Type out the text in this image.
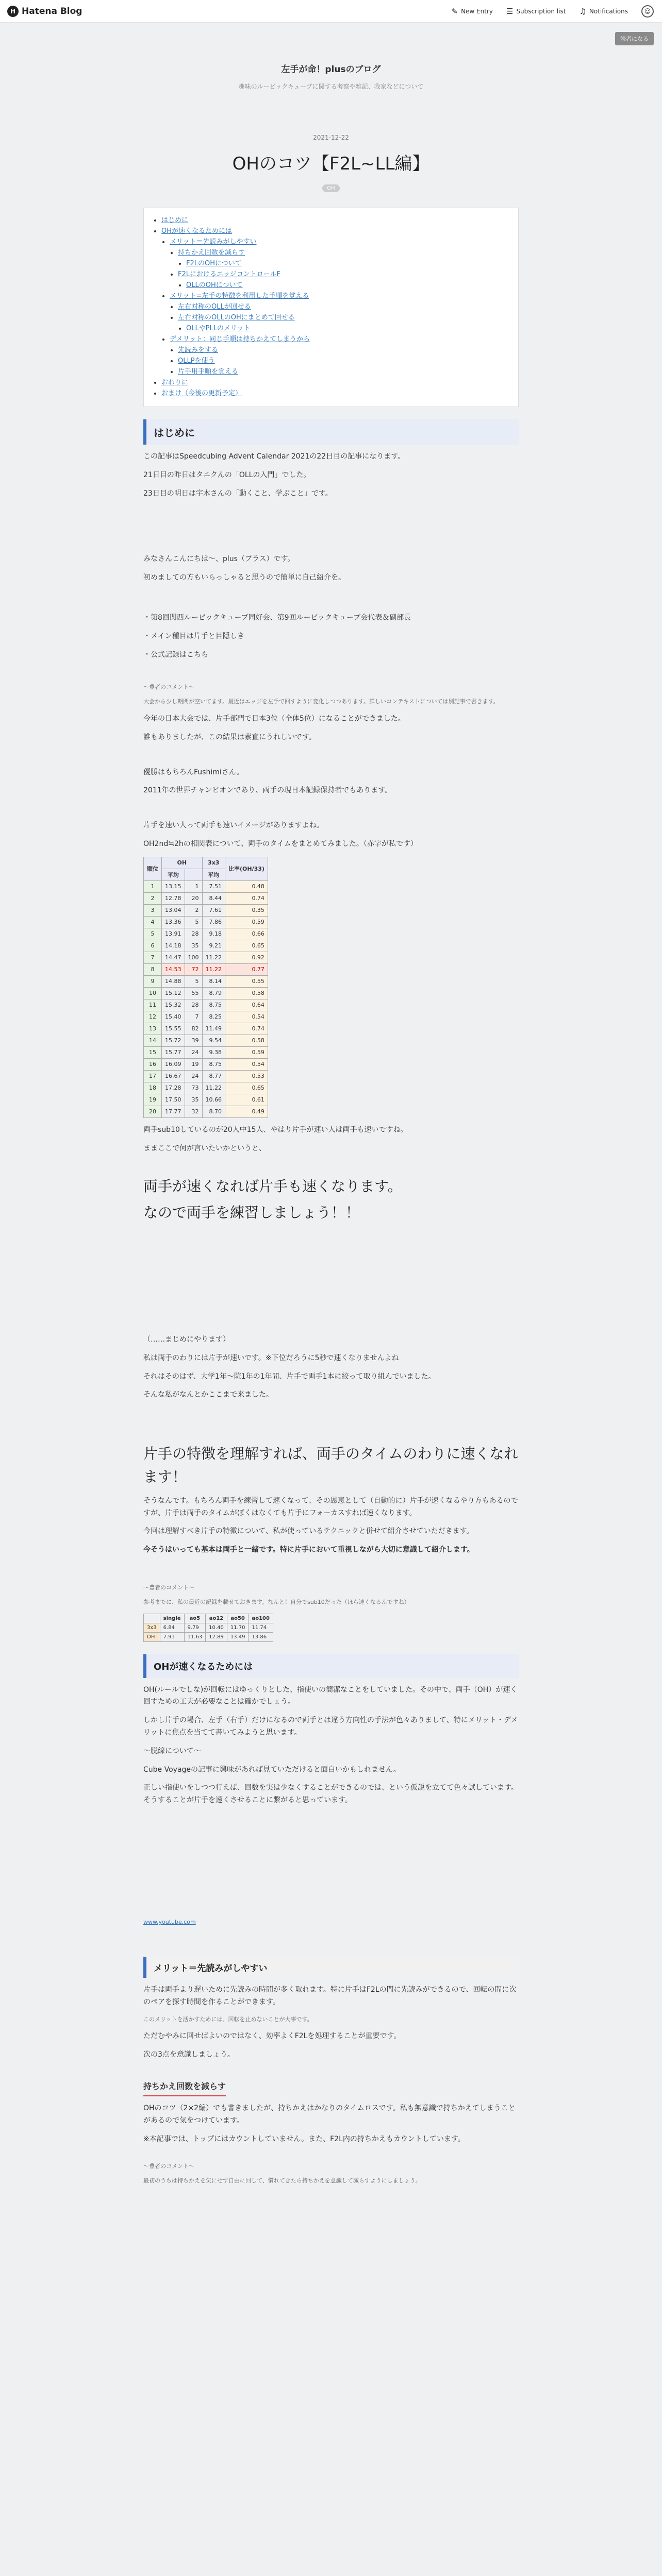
H Hatena Blog	✎ New Entry ☰ Subscription list ♫ Notifications	☺
読者になる
左手が命！plusのブログ
趣味のルービックキューブに関する考察や雑記、我家などについて
2021-12-22
OHのコツ【F2L~LL編】
OH
• はじめに
• OHが速くなるためには
• メリット＝先読みがしやすい
• 持ちかえ回数を減らす
• F2LのOHについて
• F2LにおけるエッジコントロールF
• OLLのOHについて
• メリット=左手の特徴を利用した手順を覚える
• 左右対称のOLLが回せる
• 左右対称のOLLのOHにまとめて回せる
• OLLやPLLのメリット
• デメリット：同じ手順は持ちかえてしまうから
• 先読みをする
• OLLPを使う
• 片手用手順を覚える
• おわりに
• おまけ（今後の更新予定）
はじめに

この記事はSpeedcubing Advent Calendar 2021の22日目の記事になります。

21日目の昨日はタニクんの「OLLの入門」でした。

23日目の明日は宇木さんの「動くこと、学ぶこと」です。

みなさんこんにちは〜、plus（プラス）です。

初めましての方もいらっしゃると思うので簡単に自己紹介を。

・第8回関西ルービックキューブ同好会、第9回ルービックキューブ会代表＆副部長

・メイン種目は片手と目隠しき

・公式記録はこちら

〜豊者のコメント〜

大会から少し期間が空いてます。最近はエッジを左手で回すように変化しつつあります。詳しいコンテキストについては別記事で書きます。

今年の日本大会では、片手部門で日本3位（全体5位）になることができました。

誰もありましたが、この結果は素直にうれしいです。

優勝はもちろんFushimiさん。

2011年の世界チャンピオンであり、両手の現日本記録保持者でもあります。

片手を速い人って両手も速いイメージがありますよね。

OH2nd≒2hの相関表について、両手のタイムをまとめてみました。（赤字が私です）

順位	OH		3x3	比率(OH/33)
	平均		平均	
1	13.15	1	7.51	0.48
2	12.78	20	8.44	0.74
3	13.04	2	7.61	0.35
4	13.36	5	7.86	0.59
5	13.91	28	9.18	0.66
6	14.18	35	9.21	0.65
7	14.47	100	11.22	0.92
8	14.53	72	11.22	0.77
9	14.88	5	8.14	0.55
10	15.12	55	8.79	0.58
11	15.32	28	8.75	0.64
12	15.40	7	8.25	0.54
13	15.55	82	11.49	0.74
14	15.72	39	9.54	0.58
15	15.77	24	9.38	0.59
16	16.09	19	8.75	0.54
17	16.67	24	8.77	0.53
18	17.28	73	11.22	0.65
19	17.50	35	10.66	0.61
20	17.77	32	8.70	0.49

両手sub10しているのが20人中15人、やはり片手が速い人は両手も速いですね。

ままここで何が言いたいかというと、

両手が速くなれば片手も速くなります。
なので両手を練習しましょう！！

（……まじめにやります）

私は両手のわりには片手が速いです。※下位だろうに5秒で速くなりませんよね

それはそのはず、大学1年〜院1年の1年間、片手で両手1本に絞って取り組んでいました。

そんな私がなんとかここまで来ました。

片手の特徴を理解すれば、両手のタイムのわりに速くなれます！

そうなんです。もちろん両手を練習して速くなって、その恩恵として（自動的に）片手が速くなるやり方もあるのですが、片手は両手のタイムがぼくはなくても片手にフォーカスすれば速くなります。

今回は理解すべき片手の特徴について、私が使っているテクニックと併せて紹介させていただきます。

今そうはいっても基本は両手と一緒です。特に片手において重視しながら大切に意識して紹介します。

〜豊者のコメント〜

参考までに、私の最近の記録を載せておきます。なんと！自分でsub10だった（ほら速くなるんですね）

	single	ao5	ao12	ao50	ao100
3x3	6.84	9.79	10.40	11.70	11.74
OH	7.91	11.63	12.89	13.49	13.86
OHが速くなるためには

OH(ルールでしな)が回転にはゆっくりとした、指使いの簡潔なことをしていました。その中で、両手（OH）が速く回すための工夫が必要なことは確かでしょう。

しかし片手の場合、左手（右手）だけになるので両手とは違う方向性の手法が色々ありまして、特にメリット・デメリットに焦点を当てて書いてみようと思います。

〜脱線について〜

Cube Voyageの記事に興味があれば見ていただけると面白いかもしれません。

正しい指使いをしつつ行えば、回数を実は少なくすることができるのでは、という仮説を立てて色々試しています。そうすることが片手を速くさせることに繋がると思っています。

www.youtube.com
メリット＝先読みがしやすい

片手は両手より遅いために先読みの時間が多く取れます。特に片手はF2Lの間に先読みができるので、回転の間に次のペアを探す時間を作ることができます。

このメリットを活かすためには、回転を止めないことが大事です。

ただむやみに回せばよいのではなく、効率よくF2Lを処理することが重要です。

次の3点を意識しましょう。

持ちかえ回数を減らす

OHのコツ（2×2編）でも書きましたが、持ちかえはかなりのタイムロスです。私も無意識で持ちかえてしまうことがあるので気をつけています。

※本記事では、トップにはカウントしていません。また、F2L内の持ちかえもカウントしています。

〜豊者のコメント〜

最初のうちは持ちかえを気にせず自由に回して、慣れてきたら持ちかえを意識して減らすようにしましょう。
